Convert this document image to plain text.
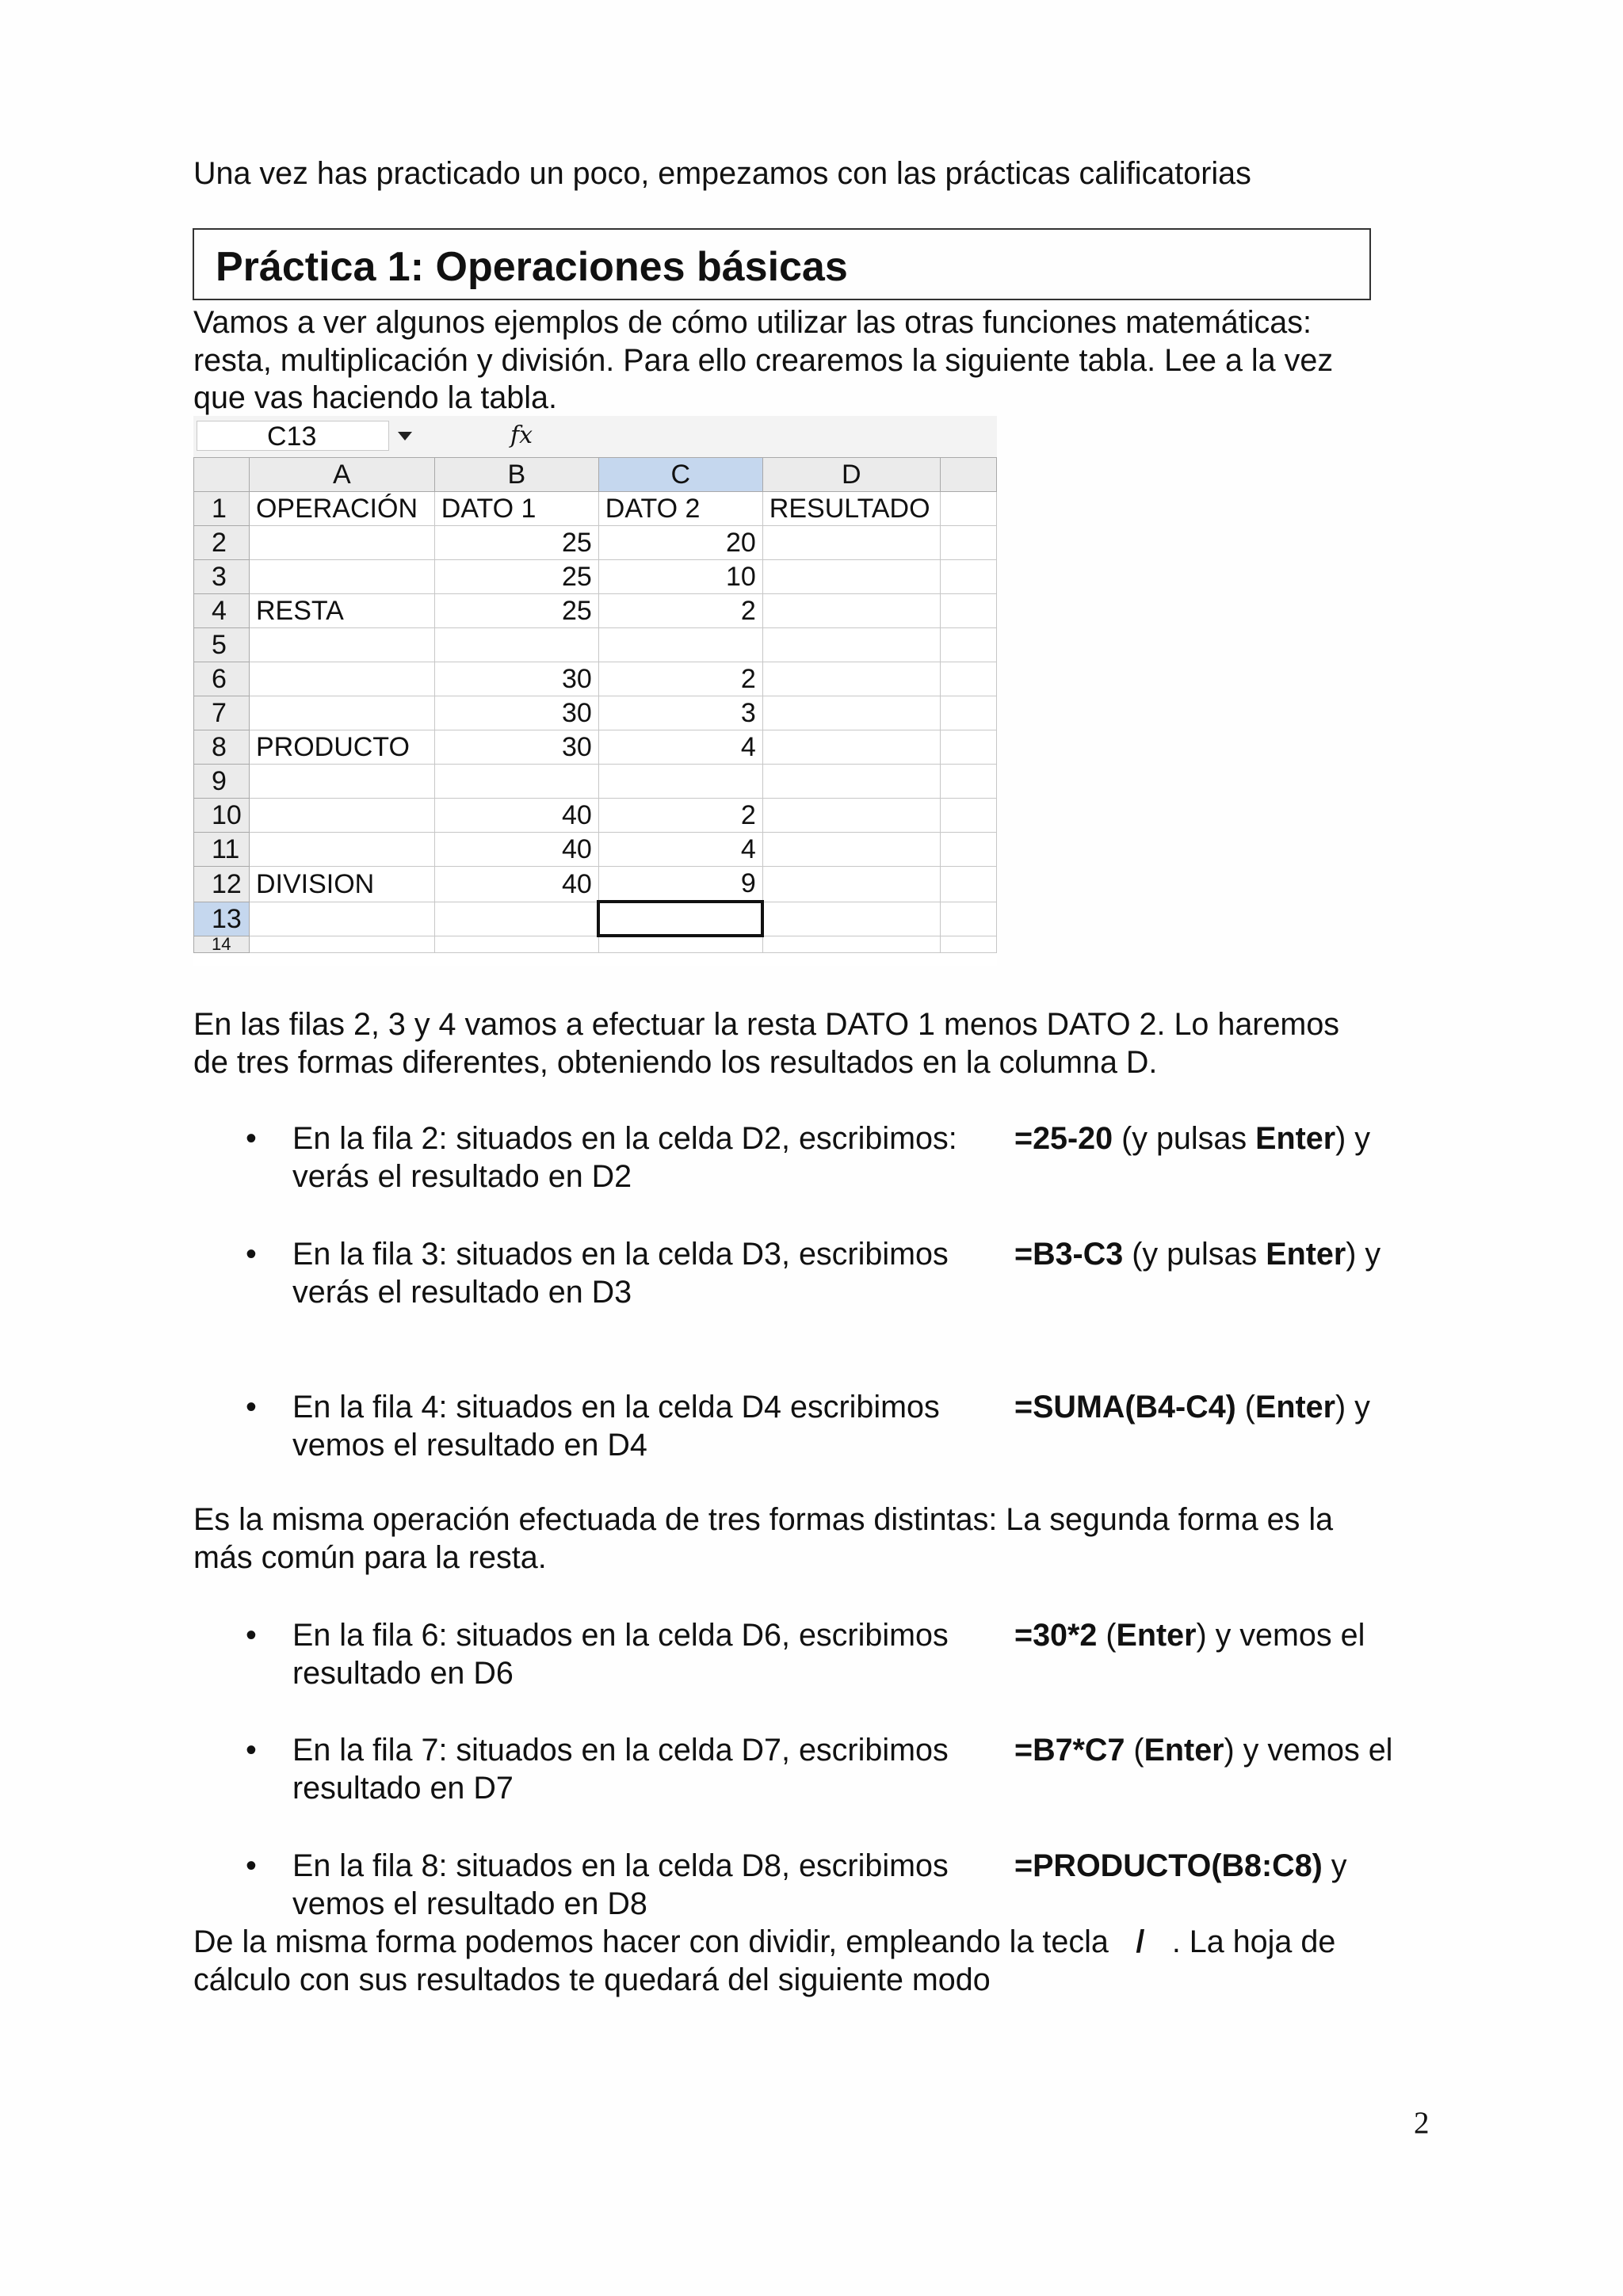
Una vez has practicado un poco, empezamos con las prácticas calificatorias
Práctica 1: Operaciones básicas
Vamos a ver algunos ejemplos de cómo utilizar las otras funciones matemáticas:
resta, multiplicación y división. Para ello crearemos la siguiente tabla. Lee a la vez
que vas haciendo la tabla.
C13	fx
	A	B	C	D	
1	OPERACIÓN	DATO 1	DATO 2	RESULTADO	
2		25	20		
3		25	10		
4	RESTA	25	2		
5					
6		30	2		
7		30	3		
8	PRODUCTO	30	4		
9					
10		40	2		
11		40	4		
12	DIVISION	40	9		
13					
14					
En las filas 2, 3 y 4 vamos a efectuar la resta DATO 1 menos DATO 2. Lo haremos
de tres formas diferentes, obteniendo los resultados en la columna D.
• En la fila 2: situados en la celda D2, escribimos:
verás el resultado en D2
=25-20 (y pulsas Enter) y
• En la fila 3: situados en la celda D3, escribimos
verás el resultado en D3
=B3-C3 (y pulsas Enter) y
• En la fila 4: situados en la celda D4 escribimos
vemos el resultado en D4
=SUMA(B4-C4) (Enter) y
Es la misma operación efectuada de tres formas distintas: La segunda forma es la
más común para la resta.
• En la fila 6: situados en la celda D6, escribimos
resultado en D6
=30*2 (Enter) y vemos el
• En la fila 7: situados en la celda D7, escribimos
resultado en D7
=B7*C7 (Enter) y vemos el
• En la fila 8: situados en la celda D8, escribimos
vemos el resultado en D8
=PRODUCTO(B8:C8) y
De la misma forma podemos hacer con dividir, empleando la tecla / . La hoja de
cálculo con sus resultados te quedará del siguiente modo
2
